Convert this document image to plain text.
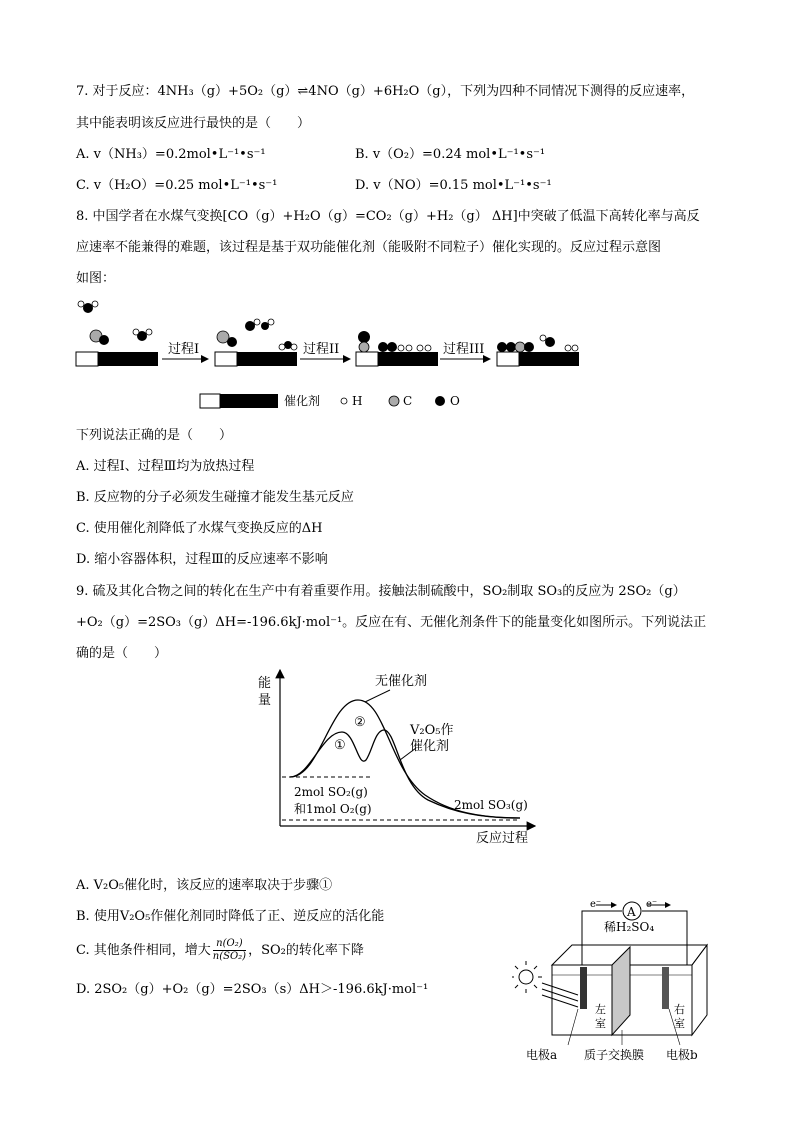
7. 对于反应：4NH₃（g）+5O₂（g）⇌4NO（g）+6H₂O（g），下列为四种不同情况下测得的反应速率，
其中能表明该反应进行最快的是（　　）
A. v（NH₃）=0.2mol•L⁻¹•s⁻¹	B. v（O₂）=0.24 mol•L⁻¹•s⁻¹
C. v（H₂O）=0.25 mol•L⁻¹•s⁻¹	D. v（NO）=0.15 mol•L⁻¹•s⁻¹
8. 中国学者在水煤气变换[CO（g）+H₂O（g）=CO₂（g）+H₂（g） ΔH]中突破了低温下高转化率与高反
应速率不能兼得的难题，该过程是基于双功能催化剂（能吸附不同粒子）催化实现的。反应过程示意图
如图：
过程I	过程II	过程III
催化剂	H	C	O
下列说法正确的是（　　）
A. 过程Ⅰ、过程Ⅲ均为放热过程
B. 反应物的分子必须发生碰撞才能发生基元反应
C. 使用催化剂降低了水煤气变换反应的ΔH
D. 缩小容器体积，过程Ⅲ的反应速率不影响
9. 硫及其化合物之间的转化在生产中有着重要作用。接触法制硫酸中，SO₂制取 SO₃的反应为 2SO₂（g）
+O₂（g）=2SO₃（g）ΔH=-196.6kJ·mol⁻¹。反应在有、无催化剂条件下的能量变化如图所示。下列说法正
确的是（　　）
能
量
反应过程
无催化剂
V₂O₅作
催化剂
①
②
2mol SO₂(g)
和1mol O₂(g)	2mol SO₃(g)
A. V₂O₅催化时，该反应的速率取决于步骤①
B. 使用V₂O₅作催化剂同时降低了正、逆反应的活化能
C. 其他条件相同，增大 $\frac{\text{n(O₂)}}{\text{n(SO₂)}}$ ，SO₂的转化率下降
D. 2SO₂（g）+O₂（g）=2SO₃（s）ΔH＞-196.6kJ·mol⁻¹
A
e⁻	e⁻
稀H₂SO₄
左
室
右
室
电极a 质子交换膜 电极b
